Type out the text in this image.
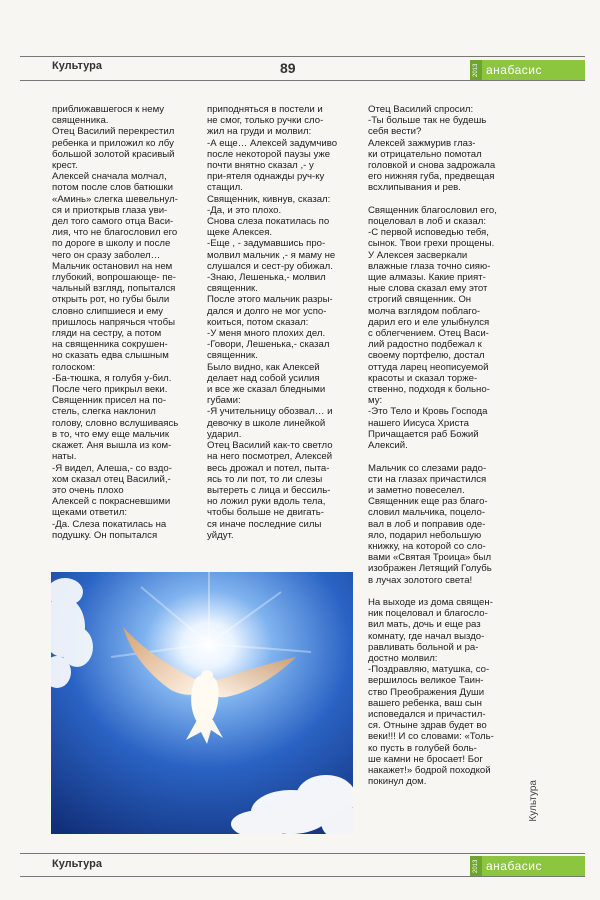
Культура	89	2013 анабасис
приближавшегося к нему
священника.
Отец Василий перекрестил
ребенка и приложил ко лбу
большой золотой красивый
крест.
Алексей сначала молчал,
потом после слов батюшки
«Аминь» слегка шевельнул-
ся и приоткрыв глаза уви-
дел того самого отца Васи-
лия, что не благословил его
по дороге в школу и после
чего он сразу заболел…
Мальчик остановил на нем
глубокий, вопрошающе- пе-
чальный взгляд, попытался
открыть рот, но губы были
словно слипшиеся и ему
пришлось напрячься чтобы
гляди на сестру, а потом
на священника сокрушен-
но сказать едва слышным
голоском:
-Ба-тюшка, я голубя у-бил.
После чего прикрыл веки.
Священник присел на по-
стель, слегка наклонил
голову, словно вслушиваясь
в то, что ему еще мальчик
скажет. Аня вышла из ком-
наты.
-Я видел, Алеша,- со вздо-
хом сказал отец Василий,-
это очень плохо
Алексей с покрасневшими
щеками ответил:
-Да. Слеза покатилась на
подушку. Он попытался
приподняться в постели и
не смог, только ручки сло-
жил на груди и молвил:
-А еще… Алексей задумчиво
после некоторой паузы уже
почти внятно сказал ,- у
при-ятеля однажды руч-ку
стащил.
Священник, кивнув, сказал:
-Да, и это плохо.
Снова слеза покатилась по
щеке Алексея.
-Еще , - задумавшись про-
молвил мальчик ,- я маму не
слушался и сест-ру обижал.
-Знаю, Лешенька,- молвил
священник.
После этого мальчик разры-
дался и долго не мог успо-
коиться, потом сказал:
-У меня много плохих дел.
-Говори, Лешенька,- сказал
священник.
Было видно, как Алексей
делает над собой усилия
и все же сказал бледными
губами:
-Я учительницу обозвал… и
девочку в школе линейкой
ударил.
Отец Василий как-то светло
на него посмотрел, Алексей
весь дрожал и потел, пыта-
ясь то ли пот, то ли слезы
вытереть с лица и бессиль-
но ложил руки вдоль тела,
чтобы больше не двигать-
ся иначе последние силы
уйдут.
Отец Василий спросил:
-Ты больше так не будешь
себя вести?
Алексей зажмурив глаз-
ки отрицательно помотал
головкой и снова задрожала
его нижняя губа, предвещая
всхлипывания и рев.

Священник благословил его,
поцеловал в лоб и сказал:
-С первой исповедью тебя,
сынок. Твои грехи прощены.
У Алексея засверкали
влажные глаза точно сияю-
щие алмазы. Какие прият-
ные слова сказал ему этот
строгий священник. Он
молча взглядом поблаго-
дарил его и еле улыбнулся
с облегчением. Отец Васи-
лий радостно подбежал к
своему портфелю, достал
оттуда ларец неописуемой
красоты и сказал торже-
ственно, подходя к больно-
му:
-Это Тело и Кровь Господа
нашего Иисуса Христа
Причащается раб Божий
Алексий.

Мальчик со слезами радо-
сти на глазах причастился
и заметно повеселел.
Священник еще раз благо-
словил мальчика, поцело-
вал в лоб и поправив оде-
яло, подарил небольшую
книжку, на которой со сло-
вами «Святая Троица» был
изображен Летящий Голубь
в лучах золотого света!

На выходе из дома священ-
ник поцеловал и благосло-
вил мать, дочь и еще раз
комнату, где начал выздо-
равливать больной и ра-
достно молвил:
-Поздравляю, матушка, со-
вершилось великое Таин-
ство Преображения Души
вашего ребенка, ваш сын
исповедался и причастил-
ся. Отныне здрав будет во
веки!!! И со словами: «Толь-
ко пусть в голубей боль-
ше камни не бросает! Бог
накажет!» бодрой походкой
покинул дом.	Культура
Культура	2013 анабасис
